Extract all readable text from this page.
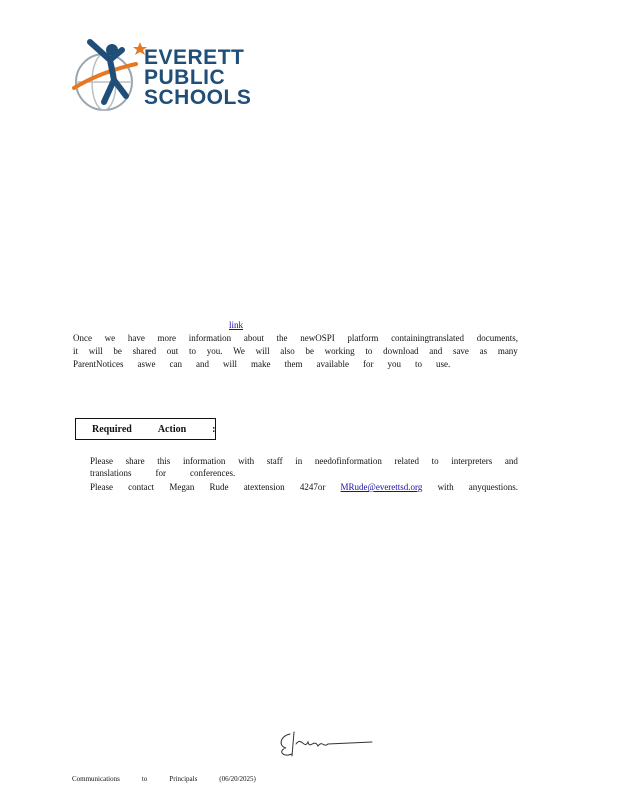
EVERETT
PUBLIC
SCHOOLS
link
Once we have more information about the newOSPI platform containingtranslated documents,
it will be shared out to you. We will also be working to download and save as many
ParentNotices aswe can and will make them available for you to use.
Required	Action	:
Please share this information with staff in needofinformation related to interpreters and
translations	for	conferences.
Please contact Megan Rude atextension 4247or MRude@everettsd.org with anyquestions.
Communications	to	Principals	(06/20/2025)
